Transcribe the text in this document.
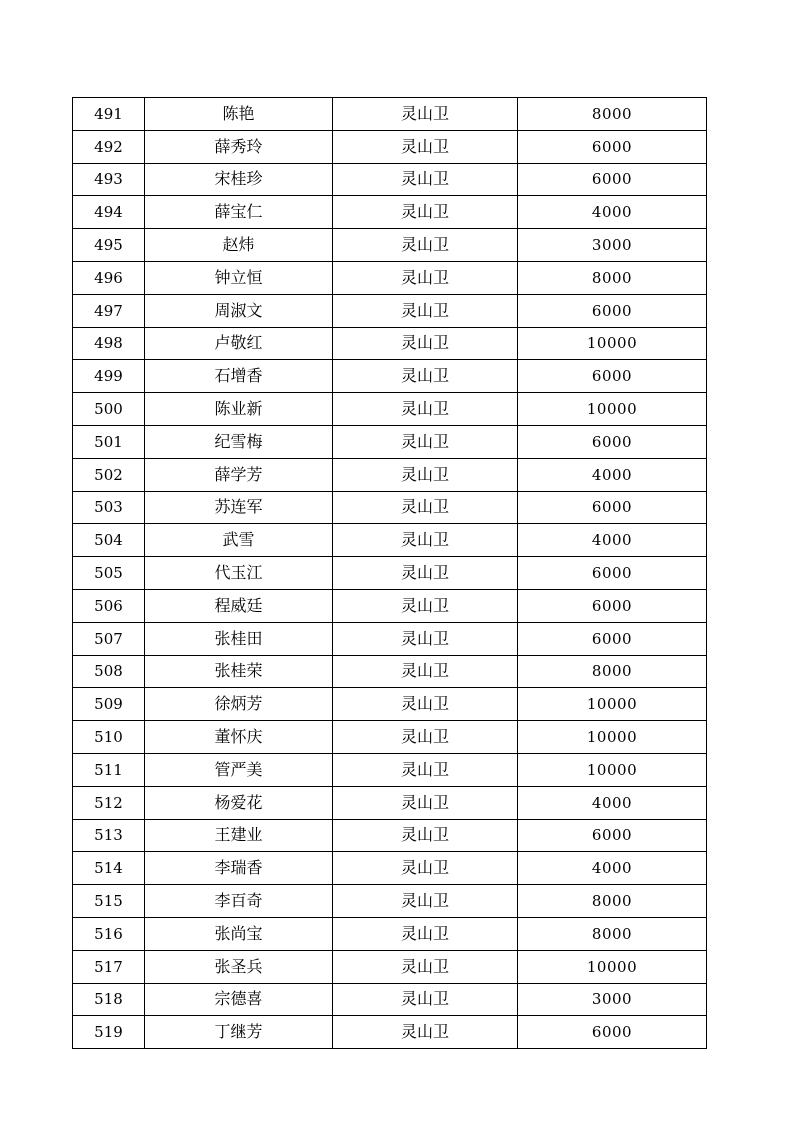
491	陈艳	灵山卫	8000
492	薛秀玲	灵山卫	6000
493	宋桂珍	灵山卫	6000
494	薛宝仁	灵山卫	4000
495	赵炜	灵山卫	3000
496	钟立恒	灵山卫	8000
497	周淑文	灵山卫	6000
498	卢敬红	灵山卫	10000
499	石增香	灵山卫	6000
500	陈业新	灵山卫	10000
501	纪雪梅	灵山卫	6000
502	薛学芳	灵山卫	4000
503	苏连军	灵山卫	6000
504	武雪	灵山卫	4000
505	代玉江	灵山卫	6000
506	程威廷	灵山卫	6000
507	张桂田	灵山卫	6000
508	张桂荣	灵山卫	8000
509	徐炳芳	灵山卫	10000
510	董怀庆	灵山卫	10000
511	管严美	灵山卫	10000
512	杨爱花	灵山卫	4000
513	王建业	灵山卫	6000
514	李瑞香	灵山卫	4000
515	李百奇	灵山卫	8000
516	张尚宝	灵山卫	8000
517	张圣兵	灵山卫	10000
518	宗德喜	灵山卫	3000
519	丁继芳	灵山卫	6000
